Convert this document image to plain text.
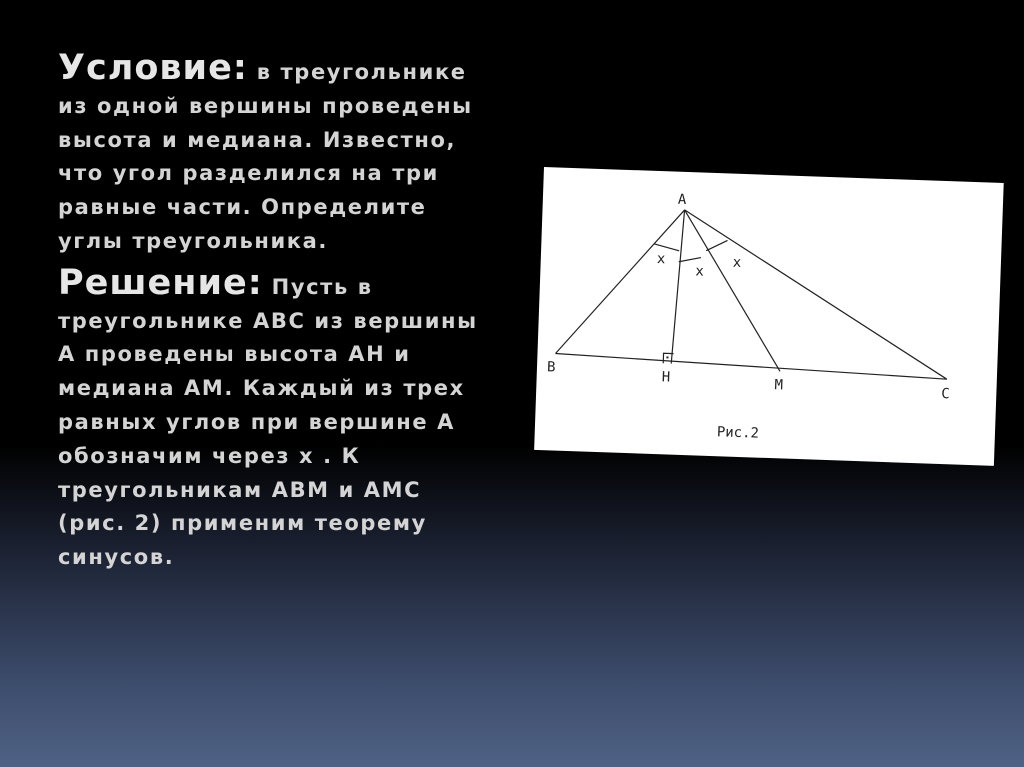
Условие: в треугольнике из одной вершины проведены высота и медиана. Известно, что угол разделился на три равные части. Определите углы треугольника.

Решение: Пусть в треугольнике ABC из вершины A проведены высота AH и медиана AM. Каждый из трех равных углов при вершине A обозначим через x . К треугольникам ABM и AMC (рис. 2) применим теорему синусов.

A
B
H	M
C
x
x
x
Рис.2
